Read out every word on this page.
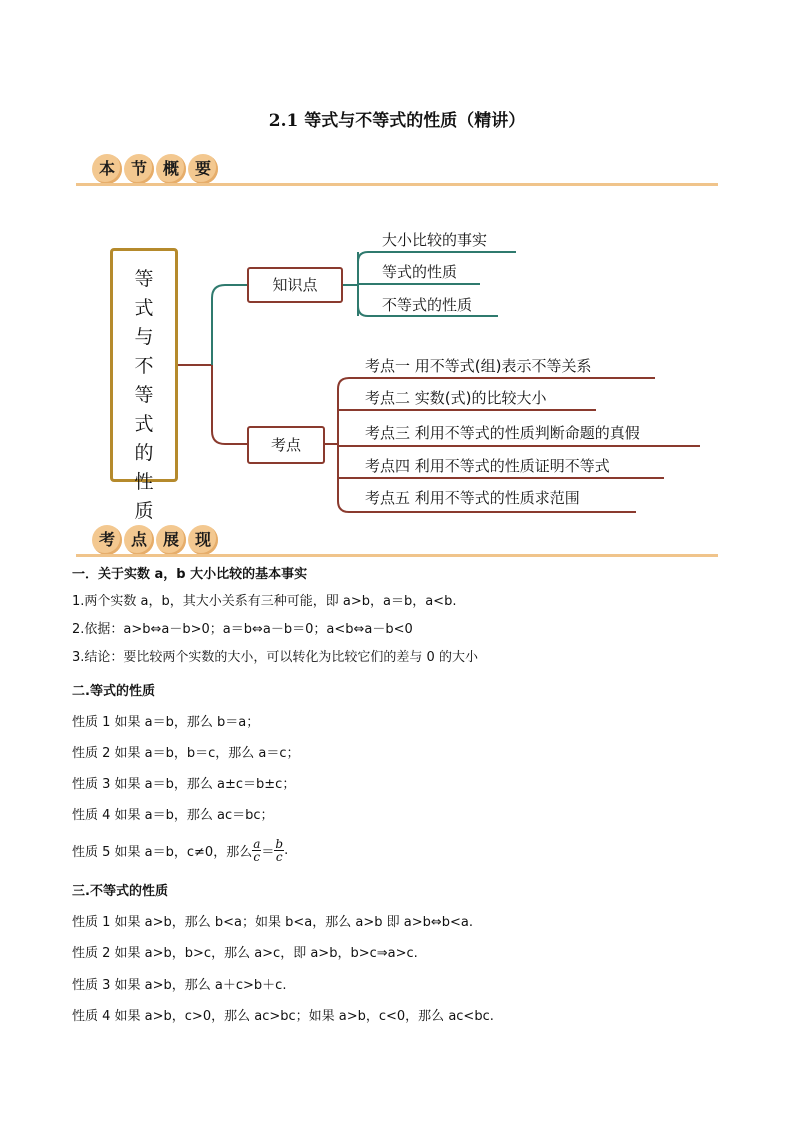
2.1 等式与不等式的性质（精讲）
本 节 概 要
等
式
与
不
等
式
的
性
质
知识点
考点
大小比较的事实
等式的性质
不等式的性质
考点一 用不等式(组)表示不等关系
考点二 实数(式)的比较大小
考点三 利用不等式的性质判断命题的真假
考点四 利用不等式的性质证明不等式
考点五 利用不等式的性质求范围
考 点 展 现
一．关于实数 a，b 大小比较的基本事实
1.两个实数 a，b，其大小关系有三种可能，即 a>b，a＝b，a<b.
2.依据：a>b⇔a－b>0；a＝b⇔a－b＝0；a<b⇔a－b<0
3.结论：要比较两个实数的大小，可以转化为比较它们的差与 0 的大小
二.等式的性质
性质 1 如果 a＝b，那么 b＝a；
性质 2 如果 a＝b，b＝c，那么 a＝c；
性质 3 如果 a＝b，那么 a±c＝b±c；
性质 4 如果 a＝b，那么 ac＝bc；
性质 5 如果 a＝b，c≠0，那么 $\frac{a}{c} = \frac{b}{c}$ .
三.不等式的性质
性质 1 如果 a>b，那么 b<a；如果 b<a，那么 a>b 即 a>b⇔b<a.
性质 2 如果 a>b，b>c，那么 a>c，即 a>b，b>c⇒a>c.
性质 3 如果 a>b，那么 a＋c>b＋c.
性质 4 如果 a>b，c>0，那么 ac>bc；如果 a>b，c<0，那么 ac<bc.
